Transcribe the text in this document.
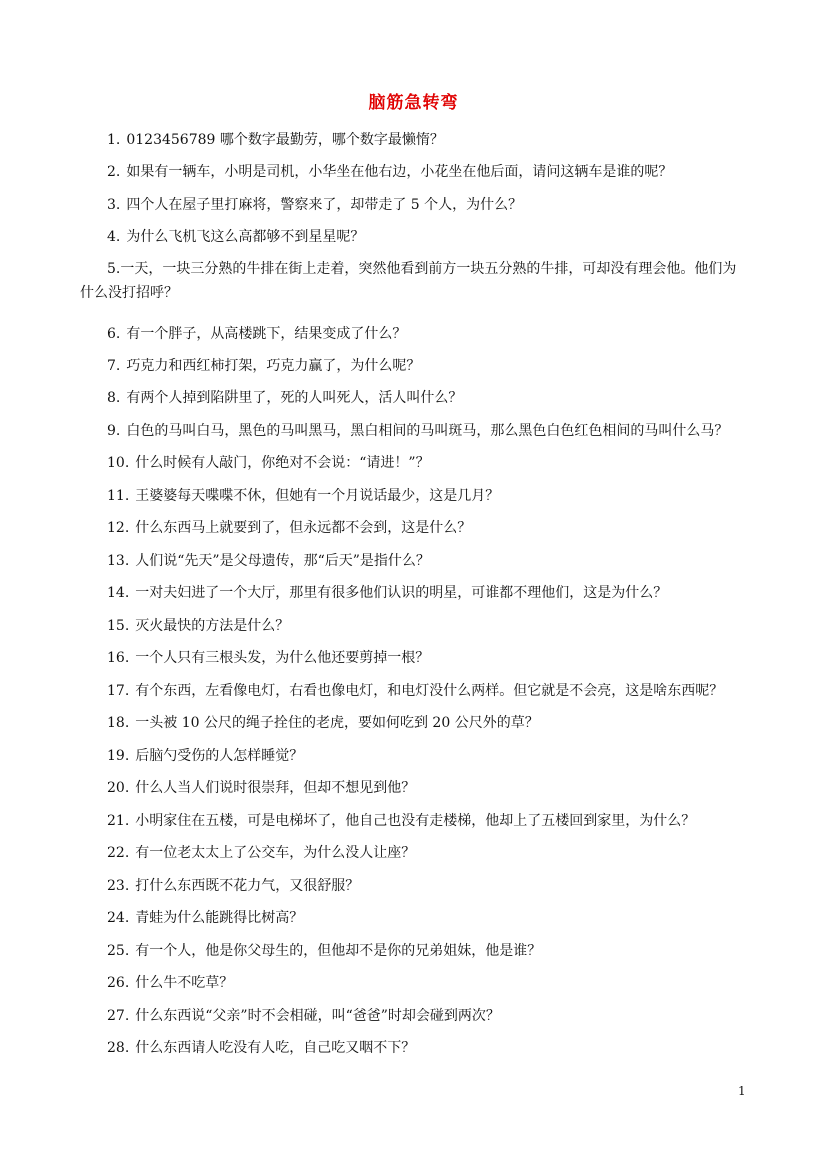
脑筋急转弯
1. 0123456789 哪个数字最勤劳，哪个数字最懒惰？
2. 如果有一辆车，小明是司机，小华坐在他右边，小花坐在他后面，请问这辆车是谁的呢？
3. 四个人在屋子里打麻将，警察来了，却带走了 5 个人，为什么？
4. 为什么飞机飞这么高都够不到星星呢？
5.一天，一块三分熟的牛排在街上走着，突然他看到前方一块五分熟的牛排，可却没有理会他。他们为什么没打招呼？
6. 有一个胖子，从高楼跳下，结果变成了什么？
7. 巧克力和西红柿打架，巧克力赢了，为什么呢？
8. 有两个人掉到陷阱里了，死的人叫死人，活人叫什么？
9. 白色的马叫白马，黑色的马叫黑马，黑白相间的马叫斑马，那么黑色白色红色相间的马叫什么马？
10. 什么时候有人敲门，你绝对不会说：“请进！”？
11. 王婆婆每天喋喋不休，但她有一个月说话最少，这是几月？
12. 什么东西马上就要到了，但永远都不会到，这是什么？
13. 人们说“先天”是父母遗传，那“后天”是指什么？
14. 一对夫妇进了一个大厅，那里有很多他们认识的明星，可谁都不理他们，这是为什么？
15. 灭火最快的方法是什么？
16. 一个人只有三根头发，为什么他还要剪掉一根？
17. 有个东西，左看像电灯，右看也像电灯，和电灯没什么两样。但它就是不会亮，这是啥东西呢？
18. 一头被 10 公尺的绳子拴住的老虎，要如何吃到 20 公尺外的草？
19. 后脑勺受伤的人怎样睡觉？
20. 什么人当人们说时很崇拜，但却不想见到他？
21. 小明家住在五楼，可是电梯坏了，他自己也没有走楼梯，他却上了五楼回到家里，为什么？
22. 有一位老太太上了公交车，为什么没人让座？
23. 打什么东西既不花力气，又很舒服？
24. 青蛙为什么能跳得比树高？
25. 有一个人，他是你父母生的，但他却不是你的兄弟姐妹，他是谁？
26. 什么牛不吃草？
27. 什么东西说“父亲”时不会相碰，叫“爸爸”时却会碰到两次？
28. 什么东西请人吃没有人吃，自己吃又咽不下？
1
